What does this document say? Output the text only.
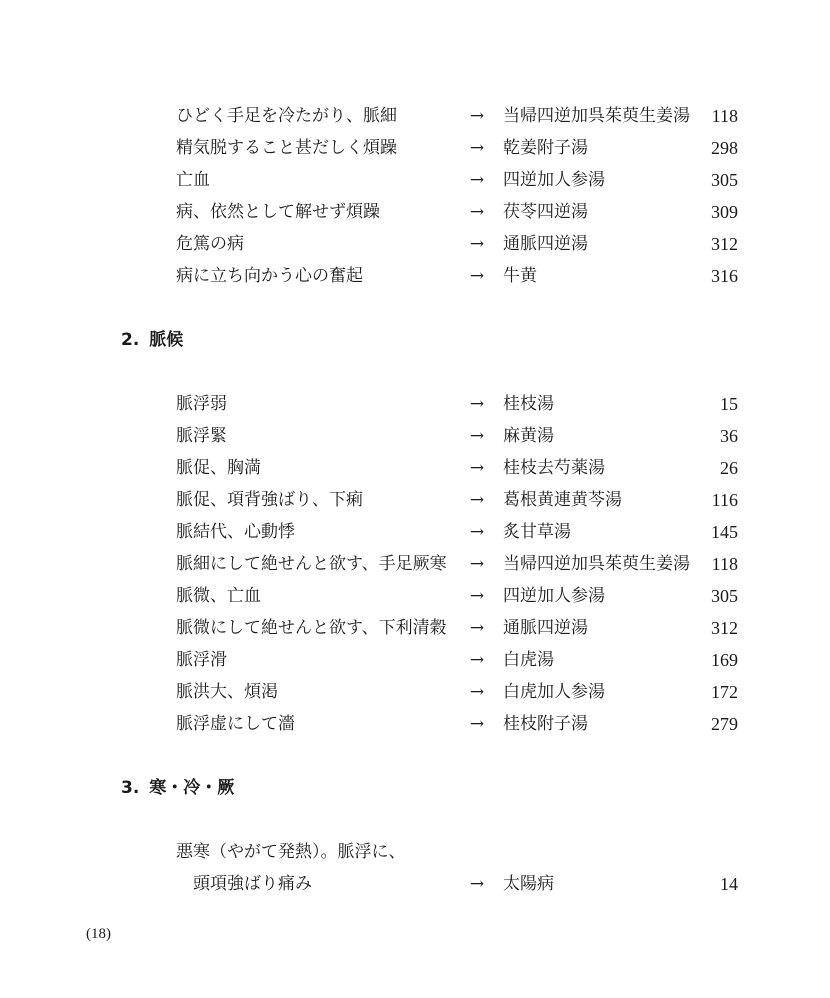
ひどく手足を冷たがり、脈細	→ 当帰四逆加呉茱萸生姜湯 118
精気脱すること甚だしく煩躁	→ 乾姜附子湯	298
亡血	→ 四逆加人参湯	305
病、依然として解せず煩躁	→ 茯苓四逆湯	309
危篤の病	→ 通脈四逆湯	312
病に立ち向かう心の奮起	→ 牛黄	316
2. 脈候
脈浮弱	→ 桂枝湯	15
脈浮緊	→ 麻黄湯	36
脈促、胸満	→ 桂枝去芍薬湯	26
脈促、項背強ばり、下痢	→ 葛根黄連黄芩湯	116
脈結代、心動悸	→ 炙甘草湯	145
脈細にして絶せんと欲す、手足厥寒 → 当帰四逆加呉茱萸生姜湯 118
脈微、亡血	→ 四逆加人参湯	305
脈微にして絶せんと欲す、下利清穀 → 通脈四逆湯	312
脈浮滑	→ 白虎湯	169
脈洪大、煩渇	→ 白虎加人参湯	172
脈浮虚にして濇	→ 桂枝附子湯	279
3. 寒・冷・厥
悪寒（やがて発熱）。脈浮に、
頭項強ばり痛み	→ 太陽病	14
(18)
